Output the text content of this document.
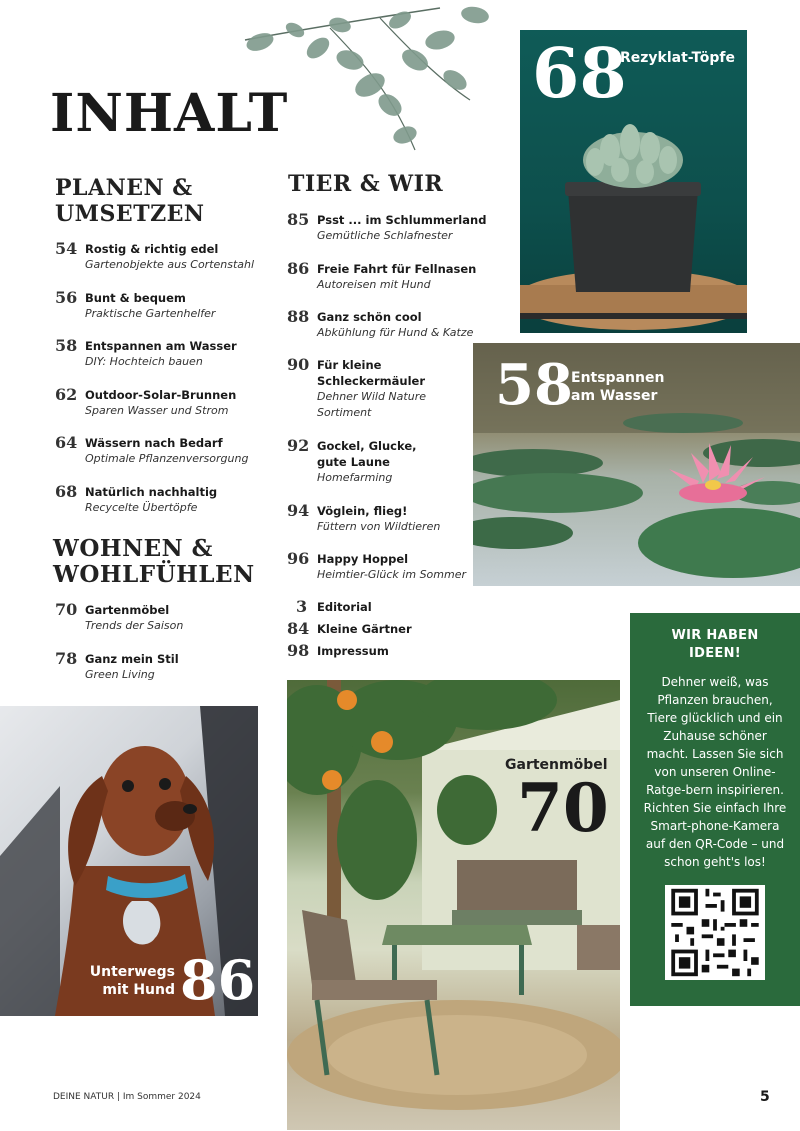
INHALT
PLANEN &
UMSETZEN
54 Rostig & richtig edel
Gartenobjekte aus Cortenstahl
56 Bunt & bequem
Praktische Gartenhelfer
58 Entspannen am Wasser
DIY: Hochteich bauen
62 Outdoor-Solar-Brunnen
Sparen Wasser und Strom
64 Wässern nach Bedarf
Optimale Pflanzenversorgung
68 Natürlich nachhaltig
Recycelte Übertöpfe
WOHNEN &
WOHLFÜHLEN
70 Gartenmöbel
Trends der Saison
78 Ganz mein Stil
Green Living
TIER & WIR
85 Psst ... im Schlummerland
Gemütliche Schlafnester
86 Freie Fahrt für Fellnasen
Autoreisen mit Hund
88 Ganz schön cool
Abkühlung für Hund & Katze
90 Für kleine
Schleckermäuler
Dehner Wild Nature
Sortiment
92 Gockel, Glucke,
gute Laune
Homefarming
94 Vöglein, flieg!
Füttern von Wildtieren
96 Happy Hoppel
Heimtier-Glück im Sommer
3 Editorial
84 Kleine Gärtner
98 Impressum
68
Rezyklat-Töpfe
58
Entspannen
am Wasser
WIR HABEN
IDEEN!
Dehner weiß, was Pflanzen brauchen, Tiere glücklich und ein Zuhause schöner macht. Lassen Sie sich von unseren Online-Ratge-bern inspirieren. Richten Sie einfach Ihre Smart-phone-Kamera auf den QR-Code – und schon geht's los!
Unterwegs
mit Hund 86
Gartenmöbel
70
DEINE NATUR | Im Sommer 2024	5
